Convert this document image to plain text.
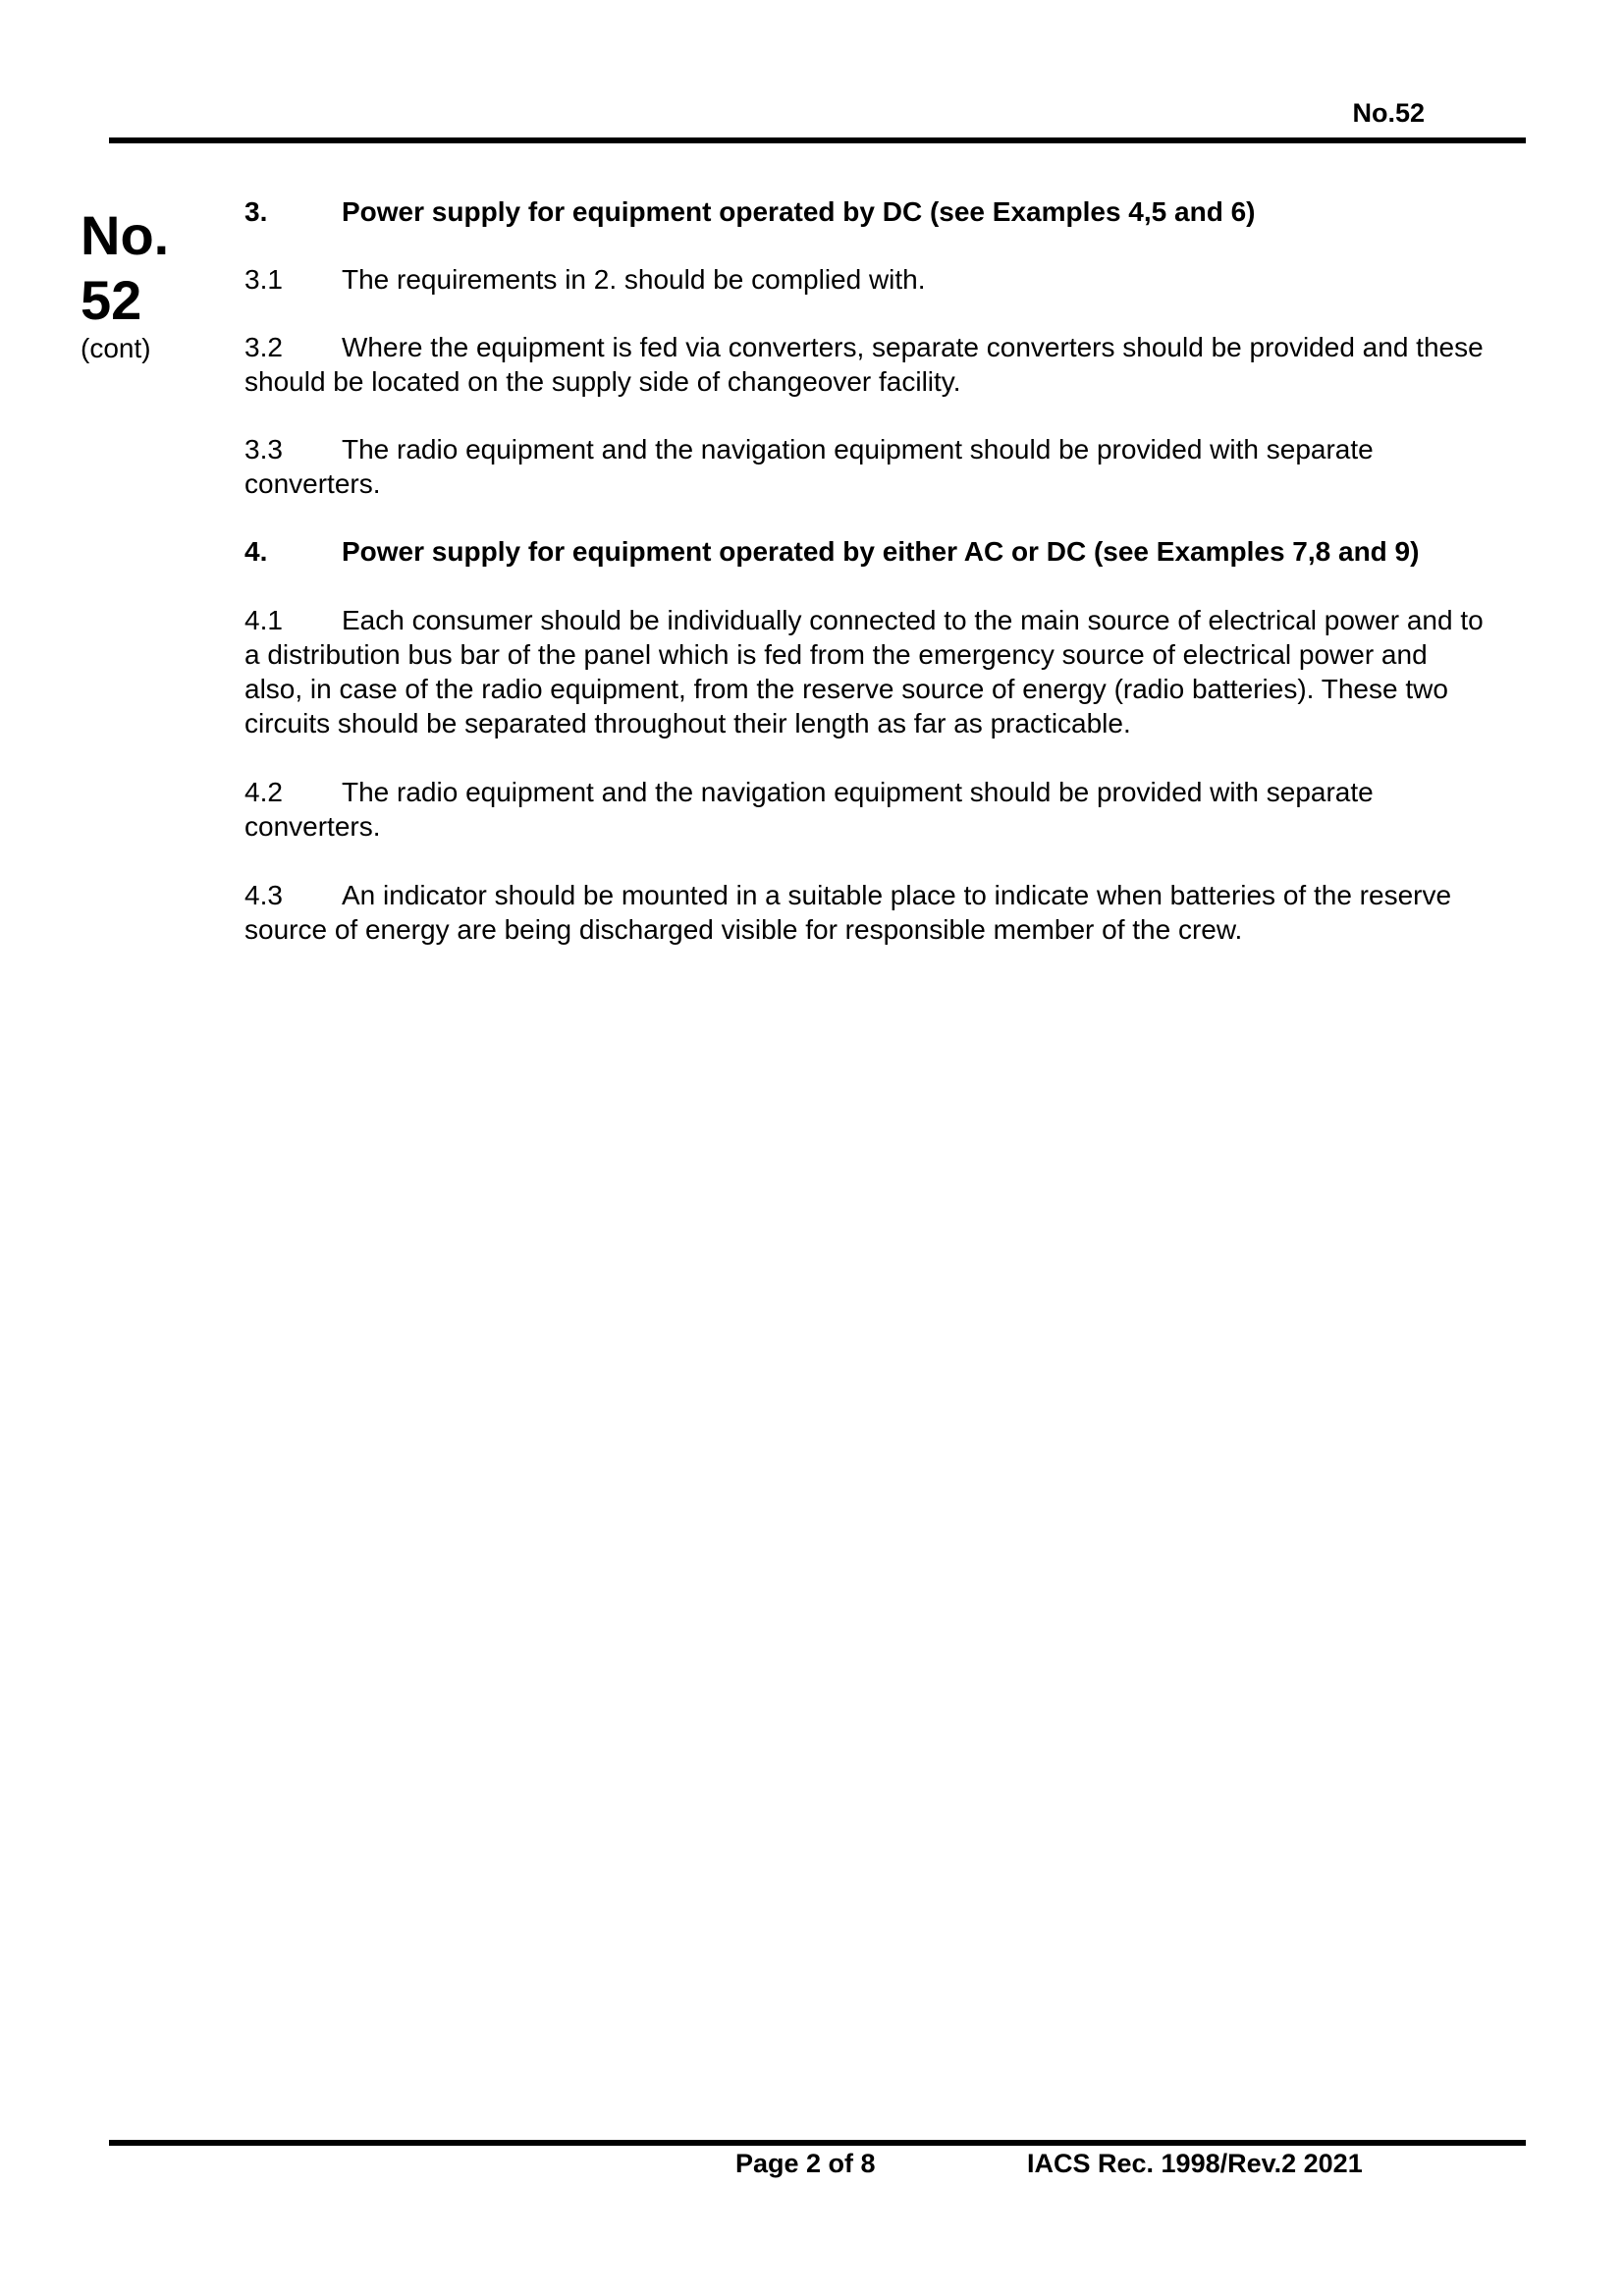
No.52
No.
52
(cont)

3.	Power supply for equipment operated by DC (see Examples 4,5 and 6)

3.1 The requirements in 2. should be complied with.

3.2 Where the equipment is fed via converters, separate converters should be provided and these should be located on the supply side of changeover facility.

3.3 The radio equipment and the navigation equipment should be provided with separate converters.

4.	Power supply for equipment operated by either AC or DC (see Examples 7,8 and 9)

4.1 Each consumer should be individually connected to the main source of electrical power and to a distribution bus bar of the panel which is fed from the emergency source of electrical power and also, in case of the radio equipment, from the reserve source of energy (radio batteries). These two circuits should be separated throughout their length as far as practicable.

4.2 The radio equipment and the navigation equipment should be provided with separate converters.

4.3 An indicator should be mounted in a suitable place to indicate when batteries of the reserve source of energy are being discharged visible for responsible member of the crew.

Page 2 of 8	IACS Rec. 1998/Rev.2 2021
